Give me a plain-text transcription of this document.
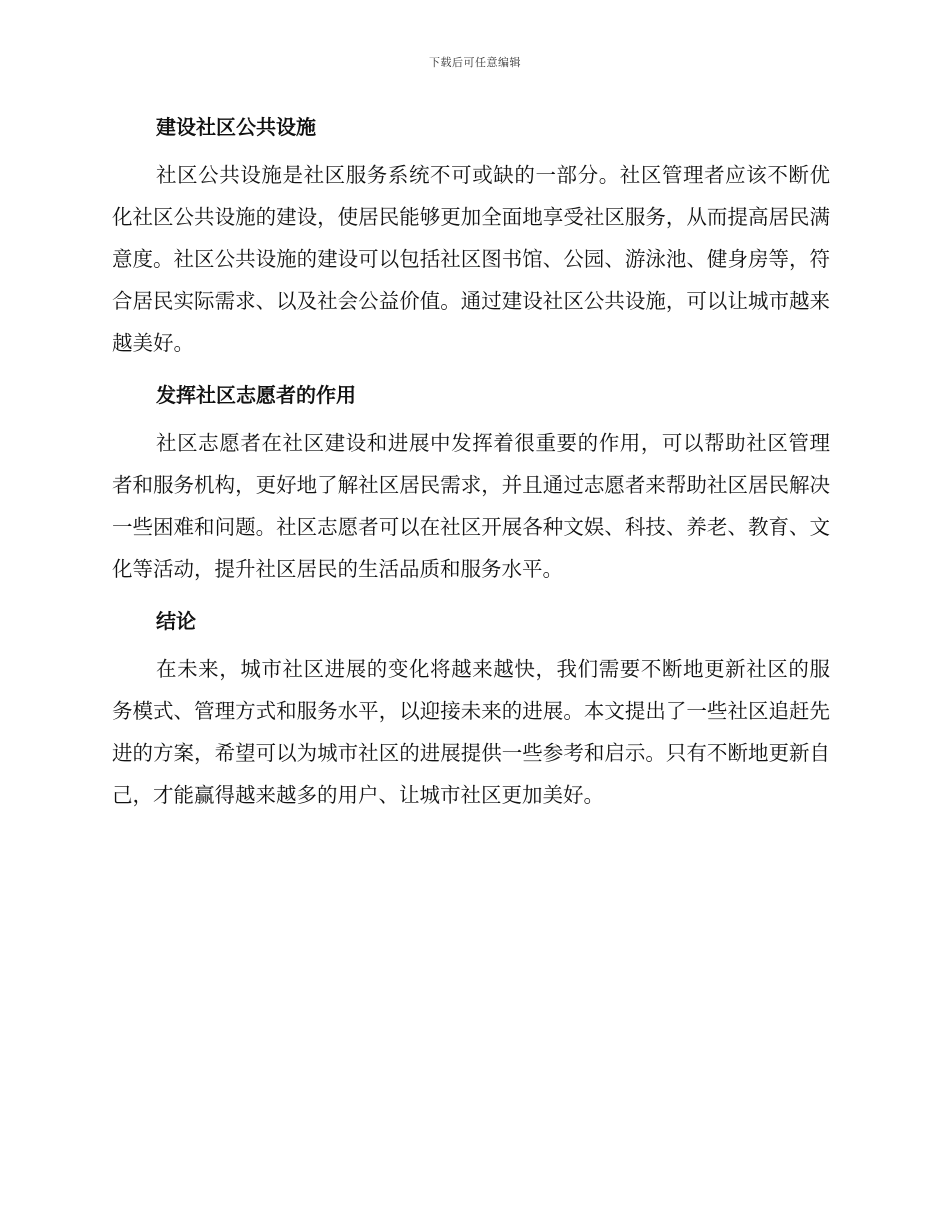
下载后可任意编辑
建设社区公共设施

社区公共设施是社区服务系统不可或缺的一部分。社区管理者应该不断优化社区公共设施的建设，使居民能够更加全面地享受社区服务，从而提高居民满意度。社区公共设施的建设可以包括社区图书馆、公园、游泳池、健身房等，符合居民实际需求、以及社会公益价值。通过建设社区公共设施，可以让城市越来越美好。

发挥社区志愿者的作用

社区志愿者在社区建设和进展中发挥着很重要的作用，可以帮助社区管理者和服务机构，更好地了解社区居民需求，并且通过志愿者来帮助社区居民解决一些困难和问题。社区志愿者可以在社区开展各种文娱、科技、养老、教育、文化等活动，提升社区居民的生活品质和服务水平。

结论

在未来，城市社区进展的变化将越来越快，我们需要不断地更新社区的服务模式、管理方式和服务水平，以迎接未来的进展。本文提出了一些社区追赶先进的方案，希望可以为城市社区的进展提供一些参考和启示。只有不断地更新自己，才能赢得越来越多的用户、让城市社区更加美好。
